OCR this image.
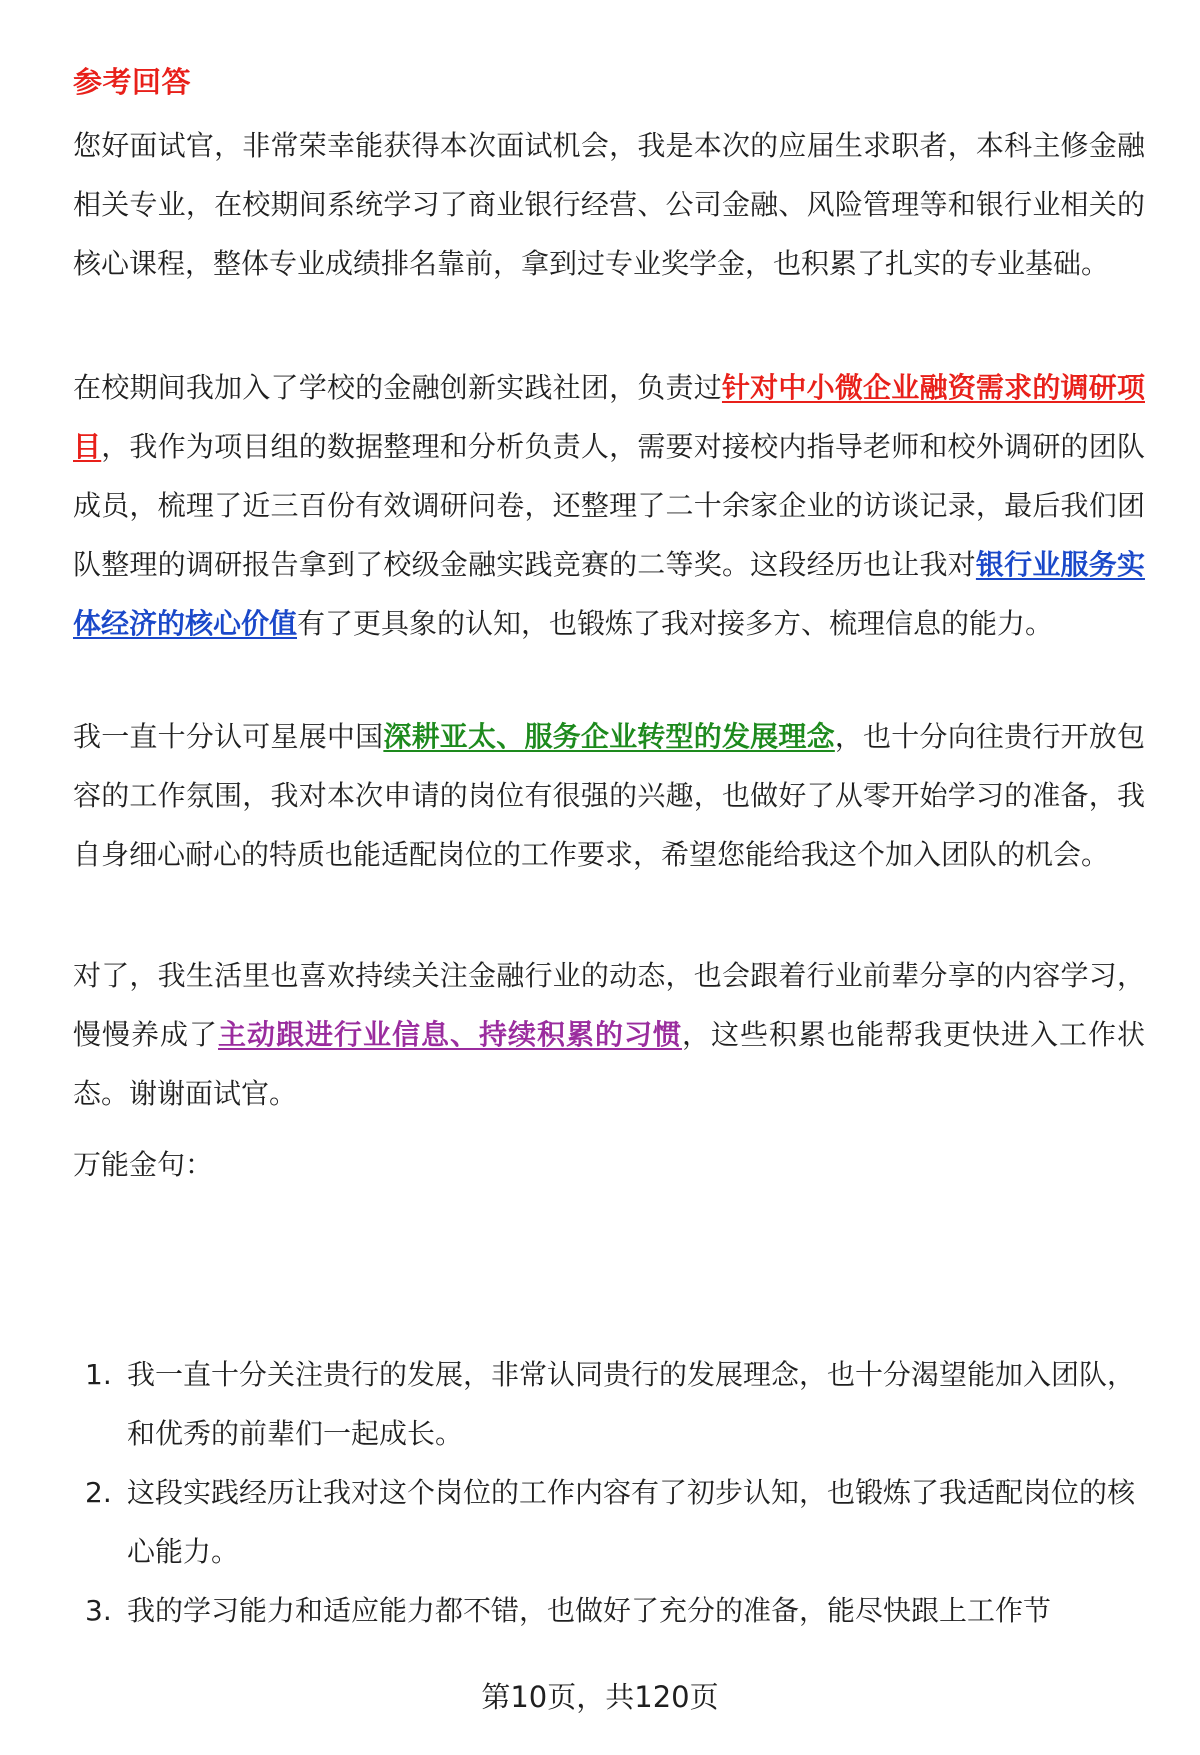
参考回答

您好面试官，非常荣幸能获得本次面试机会，我是本次的应届生求职者，本科主修金融相关专业，在校期间系统学习了商业银行经营、公司金融、风险管理等和银行业相关的核心课程，整体专业成绩排名靠前，拿到过专业奖学金，也积累了扎实的专业基础。

在校期间我加入了学校的金融创新实践社团，负责过针对中小微企业融资需求的调研项目，我作为项目组的数据整理和分析负责人，需要对接校内指导老师和校外调研的团队成员，梳理了近三百份有效调研问卷，还整理了二十余家企业的访谈记录，最后我们团队整理的调研报告拿到了校级金融实践竞赛的二等奖。这段经历也让我对银行业服务实体经济的核心价值有了更具象的认知，也锻炼了我对接多方、梳理信息的能力。

我一直十分认可星展中国深耕亚太、服务企业转型的发展理念，也十分向往贵行开放包容的工作氛围，我对本次申请的岗位有很强的兴趣，也做好了从零开始学习的准备，我自身细心耐心的特质也能适配岗位的工作要求，希望您能给我这个加入团队的机会。

对了，我生活里也喜欢持续关注金融行业的动态，也会跟着行业前辈分享的内容学习，慢慢养成了主动跟进行业信息、持续积累的习惯，这些积累也能帮我更快进入工作状态。谢谢面试官。

万能金句：

1. 我一直十分关注贵行的发展，非常认同贵行的发展理念，也十分渴望能加入团队，和优秀的前辈们一起成长。
2. 这段实践经历让我对这个岗位的工作内容有了初步认知，也锻炼了我适配岗位的核心能力。
3. 我的学习能力和适应能力都不错，也做好了充分的准备，能尽快跟上工作节
第10页，共120页
